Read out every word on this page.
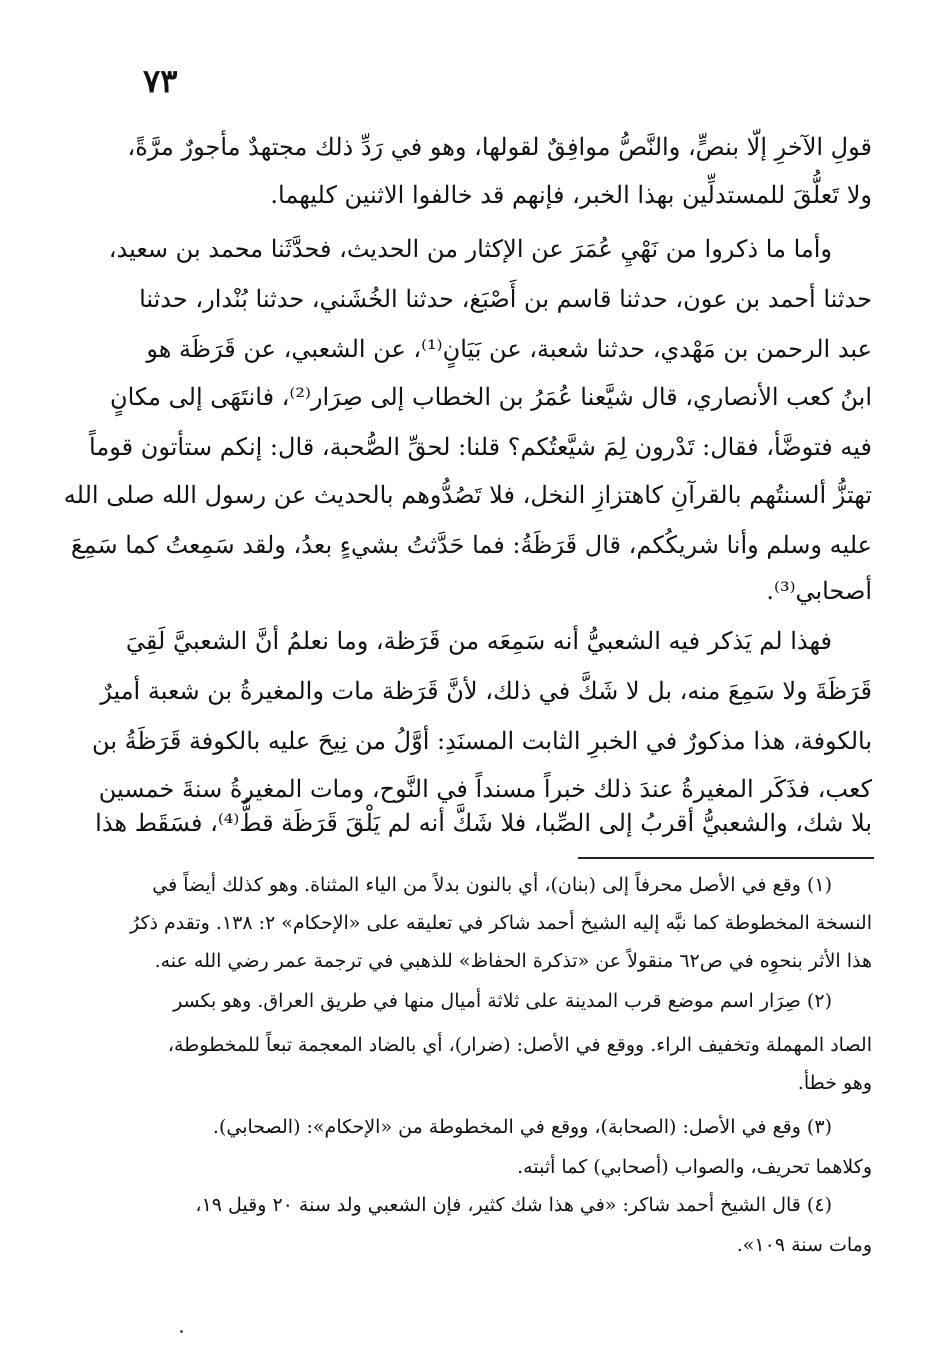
٧٣
قولِ الآخرِ إلّا بنصٍّ، والنَّصُّ موافِقٌ لقولها، وهو في رَدِّ ذلك مجتهدٌ مأجورٌ مرَّةً،
ولا تَعلُّقَ للمستدلِّين بهذا الخبر، فإنهم قد خالفوا الاثنين كليهما.
وأما ما ذكروا من نَهْيِ عُمَرَ عن الإكثار من الحديث، فحدَّثَنا محمد بن سعيد،
حدثنا أحمد بن عون، حدثنا قاسم بن أَصْبَغ، حدثنا الخُشَني، حدثنا بُنْدار، حدثنا
عبد الرحمن بن مَهْدي، حدثنا شعبة، عن بَيَانٍ⁽¹⁾، عن الشعبي، عن قَرَظَة هو
ابنُ كعب الأنصاري، قال شيَّعنا عُمَرُ بن الخطاب إلى صِرَار⁽²⁾، فانتَهَى إلى مكانٍ
فيه فتوضَّأ، فقال: تَدْرون لِمَ شيَّعتُكم؟ قلنا: لحقِّ الصُّحبة، قال: إنكم ستأتون قوماً
تهتزُّ ألسنتُهم بالقرآنِ كاهتزازِ النخل، فلا تَصُدُّوهم بالحديث عن رسول الله صلى الله
عليه وسلم وأنا شريكُكم، قال قَرَظَةُ: فما حَدَّثتُ بشيءٍ بعدُ، ولقد سَمِعتُ كما سَمِعَ
أصحابي⁽³⁾.
فهذا لم يَذكر فيه الشعبيُّ أنه سَمِعَه من قَرَظة، وما نعلمُ أنَّ الشعبيَّ لَقِيَ
قَرَظَةَ ولا سَمِعَ منه، بل لا شَكَّ في ذلك، لأنَّ قَرَظة مات والمغيرةُ بن شعبة أميرٌ
بالكوفة، هذا مذكورٌ في الخبرِ الثابت المسنَدِ: أوَّلُ من نِيحَ عليه بالكوفة قَرَظَةُ بن
كعب، فذَكَر المغيرةُ عندَ ذلك خبراً مسنداً في النَّوح، ومات المغيرةُ سنةَ خمسين
بلا شك، والشعبيُّ أقربُ إلى الصِّبا، فلا شَكَّ أنه لم يَلْقَ قَرَظَة قطُّ⁽⁴⁾، فسَقَط هذا
(١) وقع في الأصل محرفاً إلى (بنان)، أي بالنون بدلاً من الياء المثناة. وهو كذلك أيضاً في
النسخة المخطوطة كما نبَّه إليه الشيخ أحمد شاكر في تعليقه على «الإحكام» ٢: ١٣٨. وتقدم ذكرُ
هذا الأثر بنحوِه في ص٦٢ منقولاً عن «تذكرة الحفاظ» للذهبي في ترجمة عمر رضي الله عنه.
(٢) صِرَار اسم موضع قرب المدينة على ثلاثة أميال منها في طريق العراق. وهو بكسر
الصاد المهملة وتخفيف الراء. ووقع في الأصل: (ضرار)، أي بالضاد المعجمة تبعاً للمخطوطة،
وهو خطأ.
(٣) وقع في الأصل: (الصحابة)، ووقع في المخطوطة من «الإحكام»: (الصحابي).
وكلاهما تحريف، والصواب (أصحابي) كما أثبته.
(٤) قال الشيخ أحمد شاكر: «في هذا شك كثير، فإن الشعبي ولد سنة ٢٠ وقيل ١٩،
ومات سنة ١٠٩».
